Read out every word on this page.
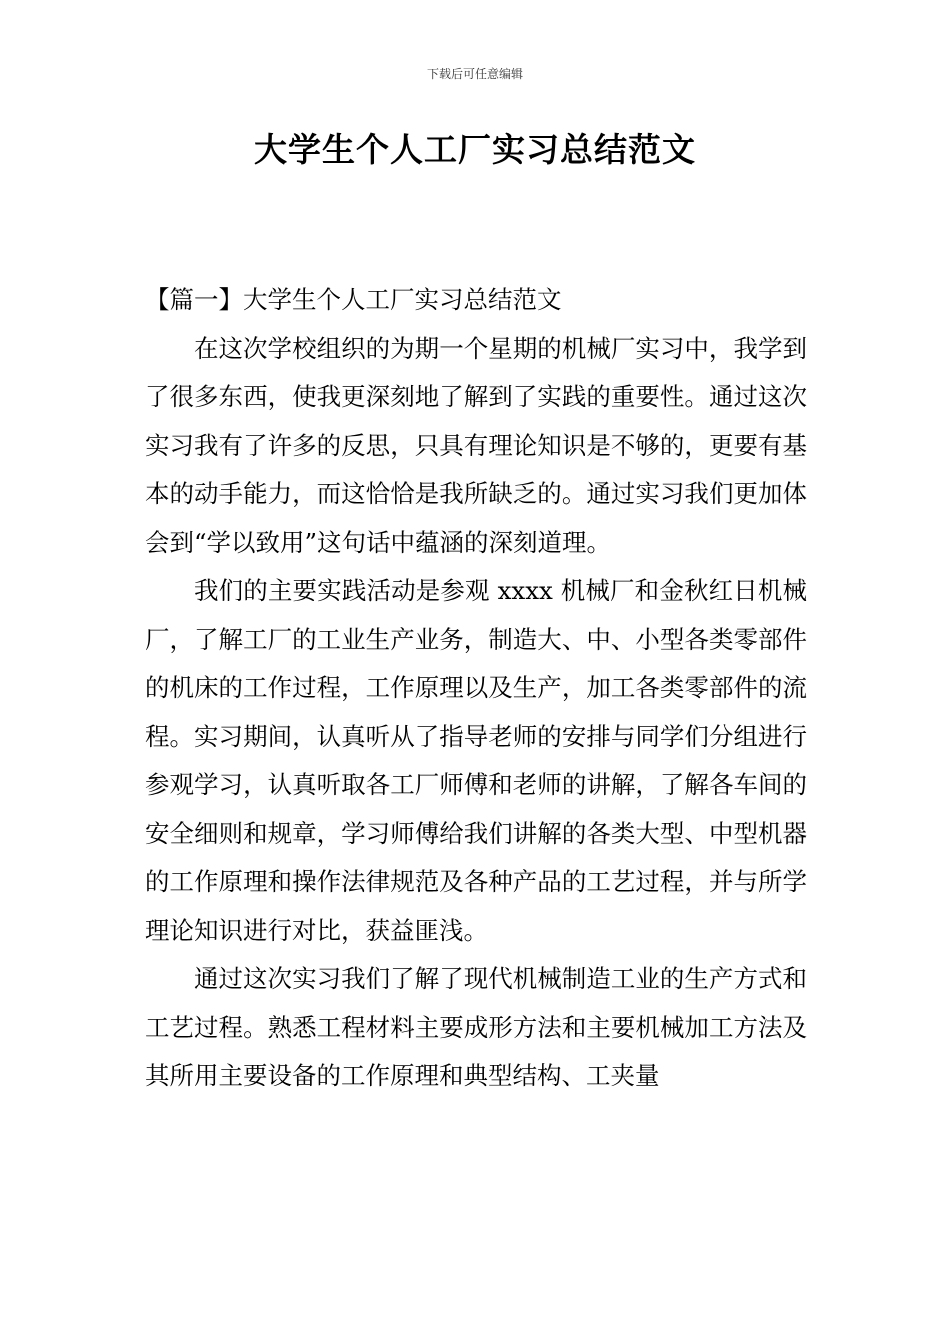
下载后可任意编辑
大学生个人工厂实习总结范文

【篇一】大学生个人工厂实习总结范文

在这次学校组织的为期一个星期的机械厂实习中，我学到了很多东西，使我更深刻地了解到了实践的重要性。通过这次实习我有了许多的反思，只具有理论知识是不够的，更要有基本的动手能力，而这恰恰是我所缺乏的。通过实习我们更加体会到“学以致用”这句话中蕴涵的深刻道理。

我们的主要实践活动是参观 xxxx 机械厂和金秋红日机械厂，了解工厂的工业生产业务，制造大、中、小型各类零部件的机床的工作过程，工作原理以及生产，加工各类零部件的流程。实习期间，认真听从了指导老师的安排与同学们分组进行参观学习，认真听取各工厂师傅和老师的讲解，了解各车间的安全细则和规章，学习师傅给我们讲解的各类大型、中型机器的工作原理和操作法律规范及各种产品的工艺过程，并与所学理论知识进行对比，获益匪浅。

通过这次实习我们了解了现代机械制造工业的生产方式和工艺过程。熟悉工程材料主要成形方法和主要机械加工方法及其所用主要设备的工作原理和典型结构、工夹量
